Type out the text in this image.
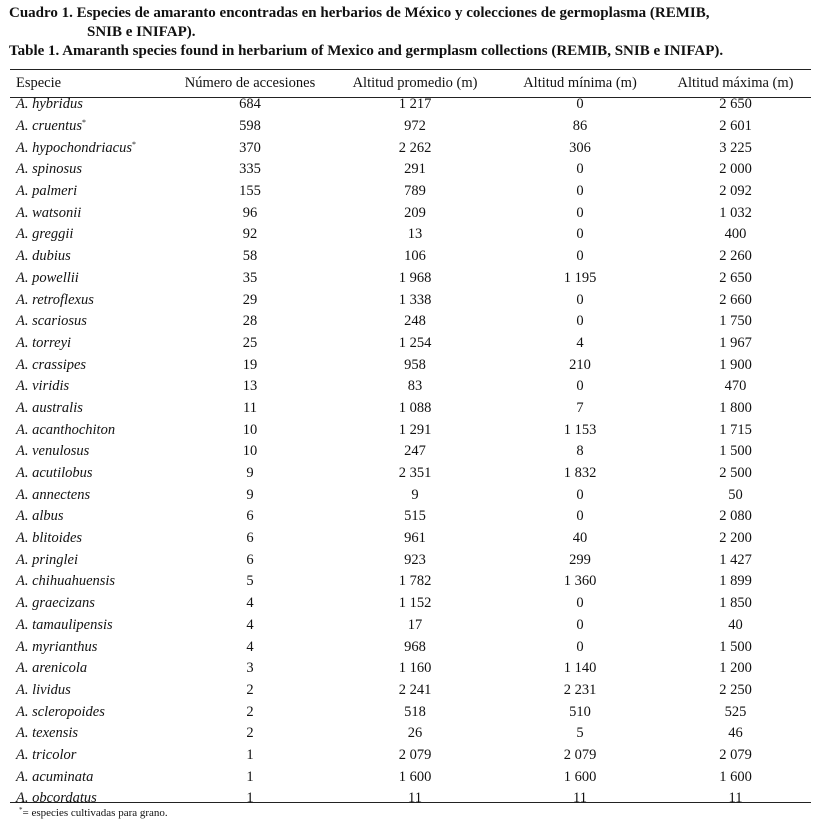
Cuadro 1. Especies de amaranto encontradas en herbarios de México y colecciones de germoplasma (REMIB,
SNIB e INIFAP).
Table 1. Amaranth species found in herbarium of Mexico and germplasm collections (REMIB, SNIB e INIFAP).
Especie	Número de accesiones	Altitud promedio (m)	Altitud mínima (m)	Altitud máxima (m)
A. hybridus	684	1 217	0	2 650
A. cruentus*	598	972	86	2 601
A. hypochondriacus*	370	2 262	306	3 225
A. spinosus	335	291	0	2 000
A. palmeri	155	789	0	2 092
A. watsonii	96	209	0	1 032
A. greggii	92	13	0	400
A. dubius	58	106	0	2 260
A. powellii	35	1 968	1 195	2 650
A. retroflexus	29	1 338	0	2 660
A. scariosus	28	248	0	1 750
A. torreyi	25	1 254	4	1 967
A. crassipes	19	958	210	1 900
A. viridis	13	83	0	470
A. australis	11	1 088	7	1 800
A. acanthochiton	10	1 291	1 153	1 715
A. venulosus	10	247	8	1 500
A. acutilobus	9	2 351	1 832	2 500
A. annectens	9	9	0	50
A. albus	6	515	0	2 080
A. blitoides	6	961	40	2 200
A. pringlei	6	923	299	1 427
A. chihuahuensis	5	1 782	1 360	1 899
A. graecizans	4	1 152	0	1 850
A. tamaulipensis	4	17	0	40
A. myrianthus	4	968	0	1 500
A. arenicola	3	1 160	1 140	1 200
A. lividus	2	2 241	2 231	2 250
A. scleropoides	2	518	510	525
A. texensis	2	26	5	46
A. tricolor	1	2 079	2 079	2 079
A. acuminata	1	1 600	1 600	1 600
A. obcordatus	1	11	11	11
*= especies cultivadas para grano.
